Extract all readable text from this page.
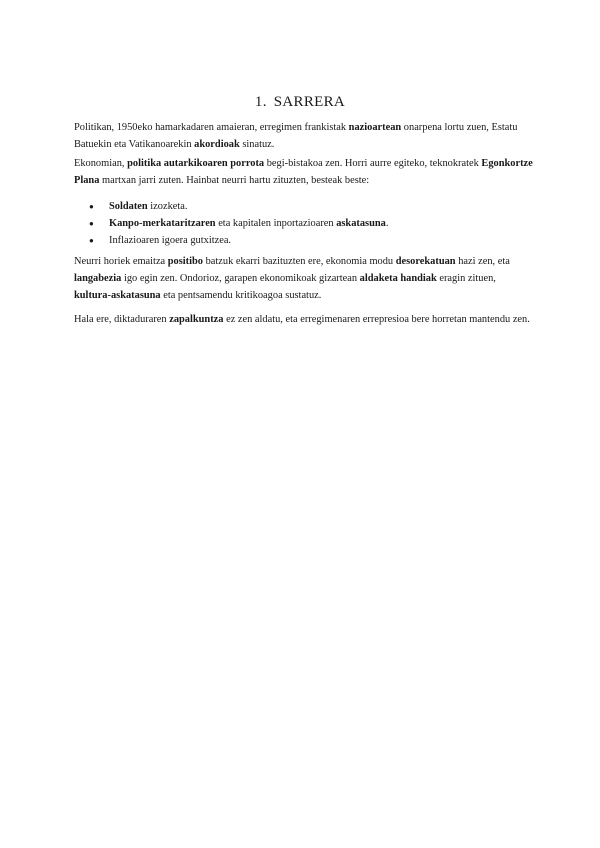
1. SARRERA

Politikan, 1950eko hamarkadaren amaieran, erregimen frankistak nazioartean onarpena lortu zuen, Estatu Batuekin eta Vatikanoarekin akordioak sinatuz.

Ekonomian, politika autarkikoaren porrota begi-bistakoa zen. Horri aurre egiteko, teknokratek Egonkortze Plana martxan jarri zuten. Hainbat neurri hartu zituzten, besteak beste:

● Soldaten izozketa.
● Kanpo-merkataritzaren eta kapitalen inportazioaren askatasuna.
● Inflazioaren igoera gutxitzea.

Neurri horiek emaitza positibo batzuk ekarri bazituzten ere, ekonomia modu desorekatuan hazi zen, eta langabezia igo egin zen. Ondorioz, garapen ekonomikoak gizartean aldaketa handiak eragin zituen, kultura-askatasuna eta pentsamendu kritikoagoa sustatuz.

Hala ere, diktaduraren zapalkuntza ez zen aldatu, eta erregimenaren errepresioa bere horretan mantendu zen.
